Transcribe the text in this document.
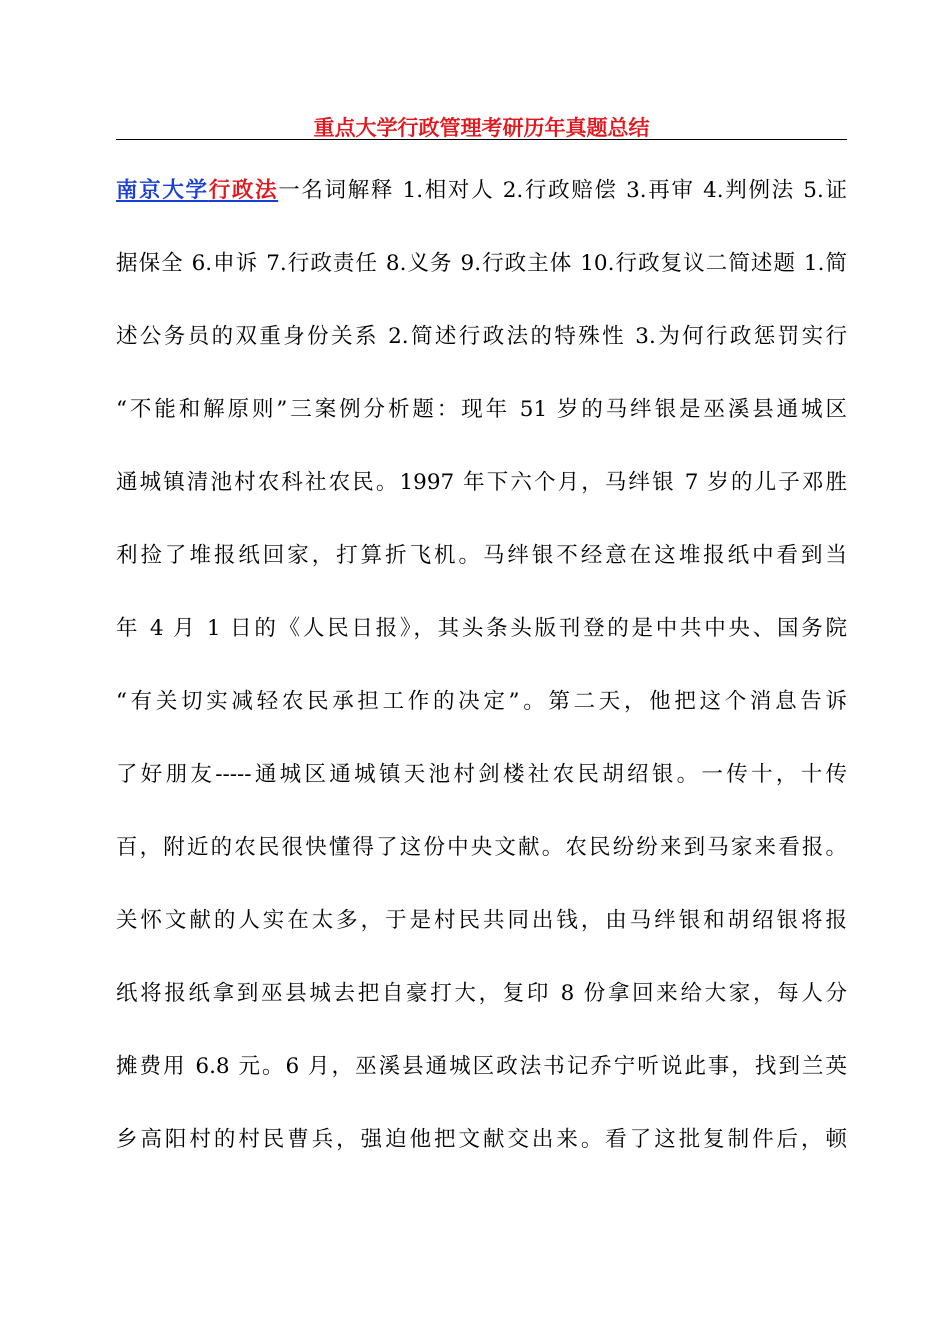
重点大学行政管理考研历年真题总结
南京大学行政法一名词解释 1.相对人 2.行政赔偿 3.再审 4.判例法 5.证
据保全 6.申诉 7.行政责任 8.义务 9.行政主体 10.行政复议二简述题 1.简
述公务员的双重身份关系 2.简述行政法的特殊性 3.为何行政惩罚实行
“不能和解原则”三案例分析题：现年 51 岁的马绊银是巫溪县通城区
通城镇清池村农科社农民。1997 年下六个月，马绊银 7 岁的儿子邓胜
利捡了堆报纸回家，打算折飞机。马绊银不经意在这堆报纸中看到当
年 4 月 1 日的《人民日报》，其头条头版刊登的是中共中央、国务院
“有关切实减轻农民承担工作的决定”。第二天，他把这个消息告诉
了好朋友-----通城区通城镇天池村剑楼社农民胡绍银。一传十，十传
百，附近的农民很快懂得了这份中央文献。农民纷纷来到马家来看报。
关怀文献的人实在太多，于是村民共同出钱，由马绊银和胡绍银将报
纸将报纸拿到巫县城去把自豪打大，复印 8 份拿回来给大家，每人分
摊费用 6.8 元。6 月，巫溪县通城区政法书记乔宁听说此事，找到兰英
乡高阳村的村民曹兵，强迫他把文献交出来。看了这批复制件后，顿
